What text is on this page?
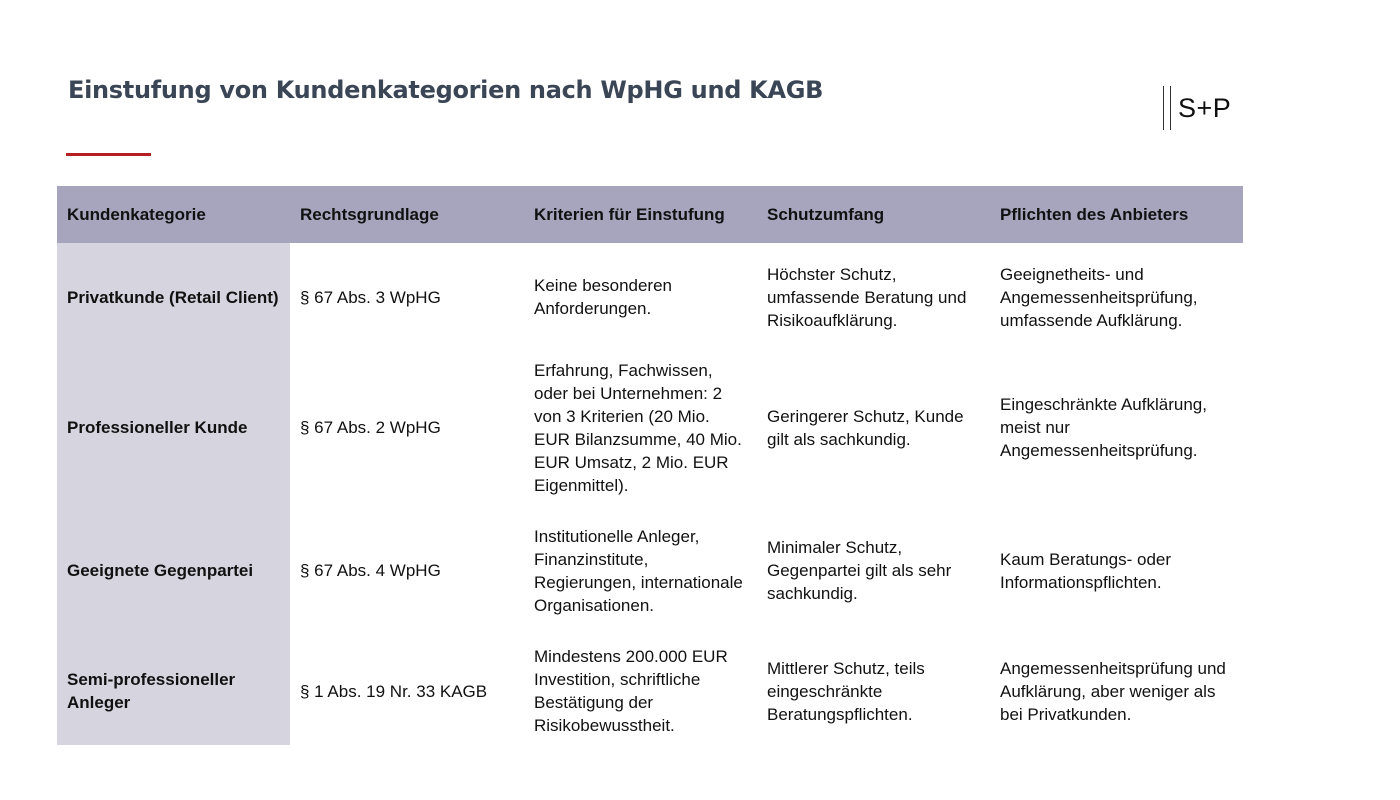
Einstufung von Kundenkategorien nach WpHG und KAGB
S+P
Kundenkategorie	Rechtsgrundlage	Kriterien für Einstufung	Schutzumfang	Pflichten des Anbieters
Privatkunde (Retail Client)	§ 67 Abs. 3 WpHG	Keine besonderen Anforderungen.	Höchster Schutz, umfassende Beratung und Risikoaufklärung.	Geeignetheits- und Angemessenheitsprüfung, umfassende Aufklärung.
Professioneller Kunde	§ 67 Abs. 2 WpHG	Erfahrung, Fachwissen, oder bei Unternehmen: 2 von 3 Kriterien (20 Mio. EUR Bilanzsumme, 40 Mio. EUR Umsatz, 2 Mio. EUR Eigenmittel).	Geringerer Schutz, Kunde gilt als sachkundig.	Eingeschränkte Aufklärung, meist nur Angemessenheitsprüfung.
Geeignete Gegenpartei	§ 67 Abs. 4 WpHG	Institutionelle Anleger, Finanzinstitute, Regierungen, internationale Organisationen.	Minimaler Schutz, Gegenpartei gilt als sehr sachkundig.	Kaum Beratungs- oder Informationspflichten.
Semi-professioneller Anleger	§ 1 Abs. 19 Nr. 33 KAGB	Mindestens 200.000 EUR Investition, schriftliche Bestätigung der Risikobewusstheit.	Mittlerer Schutz, teils eingeschränkte Beratungspflichten.	Angemessenheitsprüfung und Aufklärung, aber weniger als bei Privatkunden.
